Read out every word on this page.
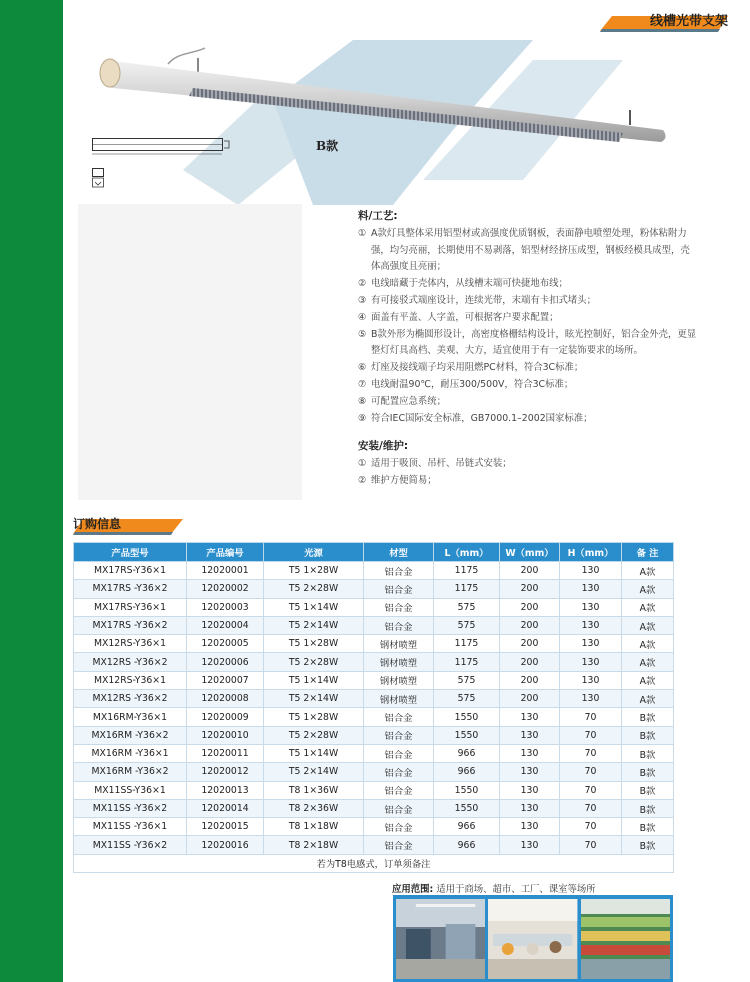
线槽光带支架
B款
料/工艺:
① A款灯具整体采用铝型材或高强度优质钢板，表面静电喷塑处理，粉体粘附力强，均匀亮丽，长期使用不易剥落，铝型材经挤压成型，钢板经模具成型，壳体高强度且亮丽；
② 电线暗藏于壳体内，从线槽末端可快捷地布线；
③ 有可接驳式端座设计，连续光带，末端有卡扣式堵头；
④ 面盖有平盖、人字盖，可根据客户要求配置；
⑤ B款外形为椭圆形设计，高密度格栅结构设计，眩光控制好，铝合金外壳，更显整灯灯具高档、美观、大方，适宜使用于有一定装饰要求的场所。
⑥ 灯座及接线端子均采用阻燃PC材料，符合3C标准；
⑦ 电线耐温90℃，耐压300/500V，符合3C标准；
⑧ 可配置应急系统；
⑨ 符合IEC国际安全标准，GB7000.1–2002国家标准；
安装/维护:
① 适用于吸顶、吊杆、吊链式安装；
② 维护方便简易；
订购信息
产品型号	产品编号	光源	材型	L（mm）	W（mm）	H（mm）	备 注
MX17RS-Y36×1	12020001	T5 1×28W	铝合金	1175	200	130	A款
MX17RS -Y36×2	12020002	T5 2×28W	铝合金	1175	200	130	A款
MX17RS-Y36×1	12020003	T5 1×14W	铝合金	575	200	130	A款
MX17RS -Y36×2	12020004	T5 2×14W	铝合金	575	200	130	A款
MX12RS-Y36×1	12020005	T5 1×28W	钢材喷塑	1175	200	130	A款
MX12RS -Y36×2	12020006	T5 2×28W	钢材喷塑	1175	200	130	A款
MX12RS-Y36×1	12020007	T5 1×14W	钢材喷塑	575	200	130	A款
MX12RS -Y36×2	12020008	T5 2×14W	钢材喷塑	575	200	130	A款
MX16RM-Y36×1	12020009	T5 1×28W	铝合金	1550	130	70	B款
MX16RM -Y36×2	12020010	T5 2×28W	铝合金	1550	130	70	B款
MX16RM -Y36×1	12020011	T5 1×14W	铝合金	966	130	70	B款
MX16RM -Y36×2	12020012	T5 2×14W	铝合金	966	130	70	B款
MX11SS-Y36×1	12020013	T8 1×36W	铝合金	1550	130	70	B款
MX11SS -Y36×2	12020014	T8 2×36W	铝合金	1550	130	70	B款
MX11SS -Y36×1	12020015	T8 1×18W	铝合金	966	130	70	B款
MX11SS -Y36×2	12020016	T8 2×18W	铝合金	966	130	70	B款
若为T8电感式，订单须备注							
应用范围: 适用于商场、超市、工厂、课室等场所
